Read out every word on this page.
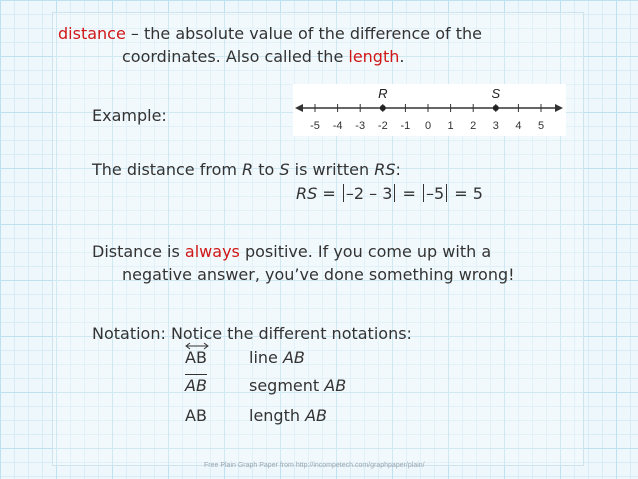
distance – the absolute value of the difference of the
coordinates. Also called the length.
Example:
-5 -4 -3 -2 -1 0 1 2 3 4 5
R	S
The distance from R to S is written RS:
RS = –2 – 3 = –5 = 5
Distance is always positive. If you come up with a
negative answer, you’ve done something wrong!
Notation: Notice the different notations:
AB
AB
AB
line AB
segment AB
length AB
Free Plain Graph Paper from http://incompetech.com/graphpaper/plain/
